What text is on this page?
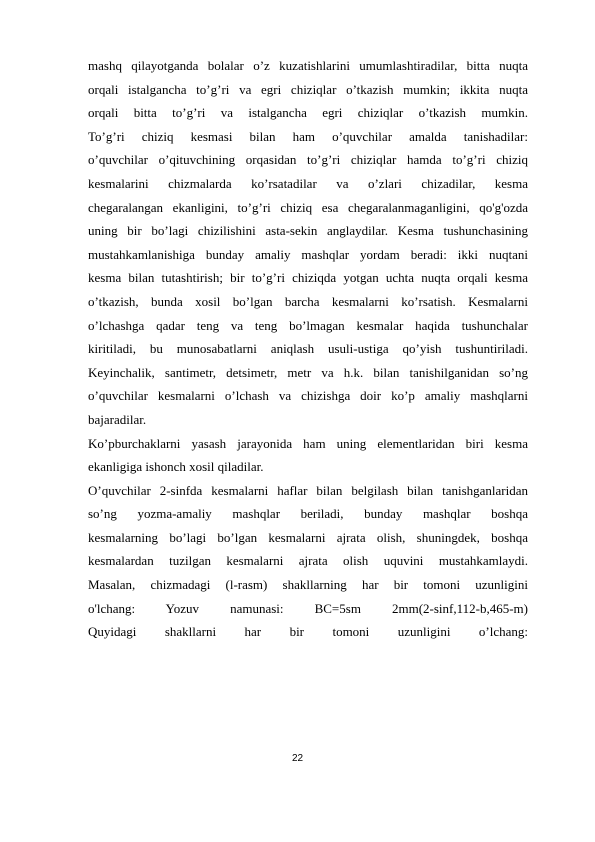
mashq qilayotganda bolalar o’z kuzatishlarini umumlashtiradilar, bitta nuqta
orqali istalgancha to’g’ri va egri chiziqlar o’tkazish mumkin; ikkita nuqta
orqali bitta to’g’ri va istalgancha egri chiziqlar o’tkazish mumkin.
To’g’ri chiziq kesmasi bilan ham o’quvchilar amalda tanishadilar:
o’quvchilar o’qituvchining orqasidan to’g’ri chiziqlar hamda to’g’ri chiziq
kesmalarini chizmalarda ko’rsatadilar va o’zlari chizadilar, kesma
chegaralangan ekanligini, to’g’ri chiziq esa chegaralanmaganligini, qo'g'ozda
uning bir bo’lagi chizilishini asta-sekin anglaydilar. Kesma tushunchasining
mustahkamlanishiga bunday amaliy mashqlar yordam beradi: ikki nuqtani
kesma bilan tutashtirish; bir to’g’ri chiziqda yotgan uchta nuqta orqali kesma
o’tkazish, bunda xosil bo’lgan barcha kesmalarni ko’rsatish. Kesmalarni
o’lchashga qadar teng va teng bo’lmagan kesmalar haqida tushunchalar
kiritiladi, bu munosabatlarni aniqlash usuli-ustiga qo’yish tushuntiriladi.
Keyinchalik, santimetr, detsimetr, metr va h.k. bilan tanishilganidan so’ng
o’quvchilar kesmalarni o’lchash va chizishga doir ko’p amaliy mashqlarni
bajaradilar.
Ko’pburchaklarni yasash jarayonida ham uning elementlaridan biri kesma
ekanligiga ishonch xosil qiladilar.
O’quvchilar 2-sinfda kesmalarni haflar bilan belgilash bilan tanishganlaridan
so’ng yozma-amaliy mashqlar beriladi, bunday mashqlar boshqa
kesmalarning bo’lagi bo’lgan kesmalarni ajrata olish, shuningdek, boshqa
kesmalardan tuzilgan kesmalarni ajrata olish uquvini mustahkamlaydi.
Masalan, chizmadagi (l-rasm) shakllarning har bir tomoni uzunligini
o'lchang: Yozuv namunasi: BC=5sm 2mm(2-sinf,112-b,465-m)
Quyidagi shakllarni har bir tomoni uzunligini o’lchang:
22
